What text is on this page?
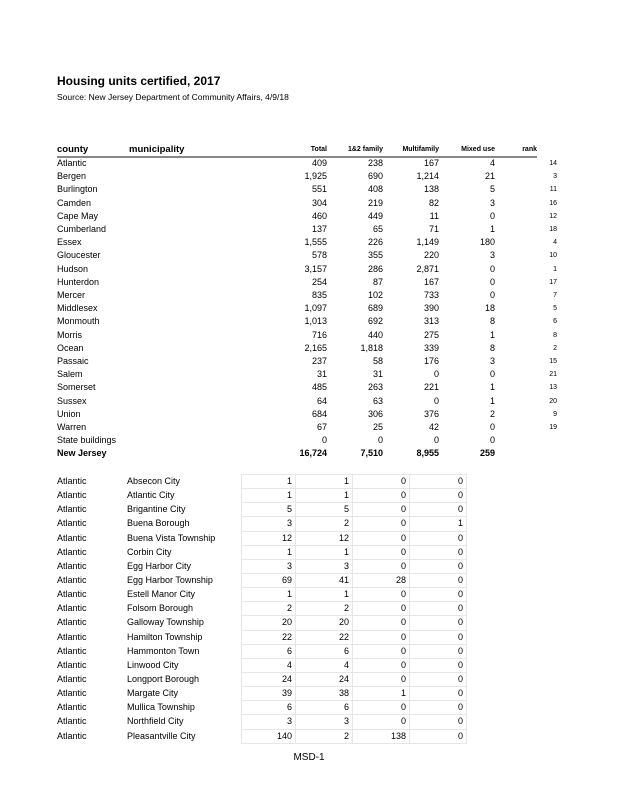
Housing units certified, 2017
Source: New Jersey Department of Community Affairs, 4/9/18
county	municipality	Total	1&2 family	Multifamily	Mixed use	rank
Atlantic		409	238	167	4	14
Bergen		1,925	690	1,214	21	3
Burlington		551	408	138	5	11
Camden		304	219	82	3	16
Cape May		460	449	11	0	12
Cumberland		137	65	71	1	18
Essex		1,555	226	1,149	180	4
Gloucester		578	355	220	3	10
Hudson		3,157	286	2,871	0	1
Hunterdon		254	87	167	0	17
Mercer		835	102	733	0	7
Middlesex		1,097	689	390	18	5
Monmouth		1,013	692	313	8	6
Morris		716	440	275	1	8
Ocean		2,165	1,818	339	8	2
Passaic		237	58	176	3	15
Salem		31	31	0	0	21
Somerset		485	263	221	1	13
Sussex		64	63	0	1	20
Union		684	306	376	2	9
Warren		67	25	42	0	19
State buildings		0	0	0	0	
New Jersey		16,724	7,510	8,955	259	
Atlantic	Absecon City	1	1	0	0
Atlantic	Atlantic City	1	1	0	0
Atlantic	Brigantine City	5	5	0	0
Atlantic	Buena Borough	3	2	0	1
Atlantic	Buena Vista Township	12	12	0	0
Atlantic	Corbin City	1	1	0	0
Atlantic	Egg Harbor City	3	3	0	0
Atlantic	Egg Harbor Township	69	41	28	0
Atlantic	Estell Manor City	1	1	0	0
Atlantic	Folsom Borough	2	2	0	0
Atlantic	Galloway Township	20	20	0	0
Atlantic	Hamilton Township	22	22	0	0
Atlantic	Hammonton Town	6	6	0	0
Atlantic	Linwood City	4	4	0	0
Atlantic	Longport Borough	24	24	0	0
Atlantic	Margate City	39	38	1	0
Atlantic	Mullica Township	6	6	0	0
Atlantic	Northfield City	3	3	0	0
Atlantic	Pleasantville City	140	2	138	0
MSD-1
